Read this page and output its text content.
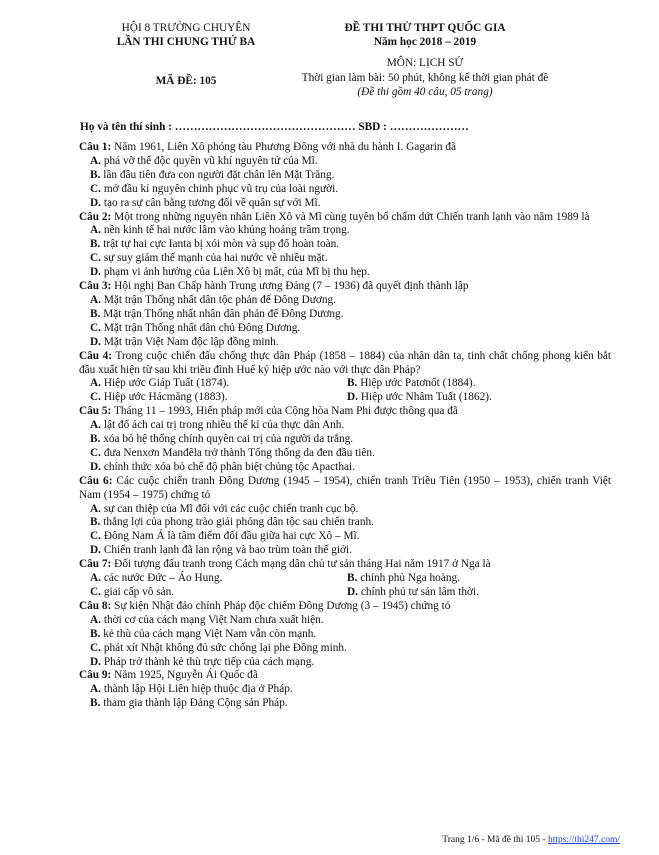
HỘI 8 TRƯỜNG CHUYÊN
LẦN THI CHUNG THỨ BA
MÃ ĐỀ: 105
ĐỀ THI THỬ THPT QUỐC GIA
Năm học 2018 – 2019
MÔN: LỊCH SỬ
Thời gian làm bài: 50 phút, không kể thời gian phát đề
(Đề thi gồm 40 câu, 05 trang)
Họ và tên thí sinh : ………………………………………… SBD : …………………
Câu 1: Năm 1961, Liên Xô phóng tàu Phương Đông với nhà du hành I. Gagarin đã
A. phá vỡ thế độc quyền vũ khí nguyên tử của Mĩ.
B. lần đầu tiên đưa con người đặt chân lên Mặt Trăng.
C. mở đầu kỉ nguyên chinh phục vũ trụ của loài người.
D. tạo ra sự cân bằng tương đối về quân sự với Mĩ.
Câu 2: Một trong những nguyên nhân Liên Xô và Mĩ cùng tuyên bố chấm dứt Chiến tranh lạnh vào năm 1989 là
A. nền kinh tế hai nước lâm vào khủng hoảng trầm trọng.
B. trật tự hai cực Ianta bị xói mòn và sụp đổ hoàn toàn.
C. sự suy giảm thế mạnh của hai nước về nhiều mặt.
D. phạm vi ảnh hưởng của Liên Xô bị mất, của Mĩ bị thu hẹp.
Câu 3: Hội nghị Ban Chấp hành Trung ương Đảng (7 – 1936) đã quyết định thành lập
A. Mặt trận Thống nhất dân tộc phản đế Đông Dương.
B. Mặt trận Thống nhất nhân dân phản đế Đông Dương.
C. Mặt trận Thống nhất dân chủ Đông Dương.
D. Mặt trận Việt Nam độc lập đồng minh.
Câu 4: Trong cuộc chiến đấu chống thực dân Pháp (1858 – 1884) của nhân dân ta, tinh chất chống phong kiến bắt đầu xuất hiện từ sau khi triều đình Huế ký hiệp ước nào với thực dân Pháp?
A. Hiệp ước Giáp Tuất (1874).	B. Hiệp ước Patơnốt (1884).
C. Hiệp ước Hácmăng (1883).	D. Hiệp ước Nhâm Tuất (1862).
Câu 5: Tháng 11 – 1993, Hiến pháp mới của Cộng hòa Nam Phi được thông qua đã
A. lật đổ ách cai trị trong nhiều thế kỉ của thực dân Anh.
B. xóa bỏ hệ thống chính quyền cai trị của người da trắng.
C. đưa Nenxơn Manđêla trở thành Tổng thống da đen đầu tiên.
D. chính thức xóa bỏ chế độ phân biệt chủng tộc Apacthai.
Câu 6: Các cuộc chiến tranh Đông Dương (1945 – 1954), chiến tranh Triều Tiên (1950 – 1953), chiến tranh Việt Nam (1954 – 1975) chứng tỏ
A. sự can thiệp của Mĩ đối với các cuộc chiến tranh cục bộ.
B. thắng lợi của phong trào giải phóng dân tộc sau chiến tranh.
C. Đông Nam Á là tâm điểm đối đầu giữa hai cực Xô – Mĩ.
D. Chiến tranh lạnh đã lan rộng và bao trùm toàn thế giới.
Câu 7: Đối tượng đấu tranh trong Cách mạng dân chủ tư sản tháng Hai năm 1917 ở Nga là
A. các nước Đức – Áo Hung.	B. chính phủ Nga hoàng.
C. giai cấp vô sản.	D. chính phủ tư sản lâm thời.
Câu 8: Sự kiện Nhật đảo chính Pháp độc chiếm Đông Dương (3 – 1945) chứng tỏ
A. thời cơ của cách mạng Việt Nam chưa xuất hiện.
B. kẻ thù của cách mạng Việt Nam vẫn còn mạnh.
C. phát xít Nhật không đủ sức chống lại phe Đồng minh.
D. Pháp trở thành kẻ thù trực tiếp của cách mạng.
Câu 9: Năm 1925, Nguyễn Ái Quốc đã
A. thành lập Hội Liên hiệp thuộc địa ở Pháp.
B. tham gia thành lập Đảng Cộng sản Pháp.
Trang 1/6 - Mã đề thi 105 - https://thi247.com/
